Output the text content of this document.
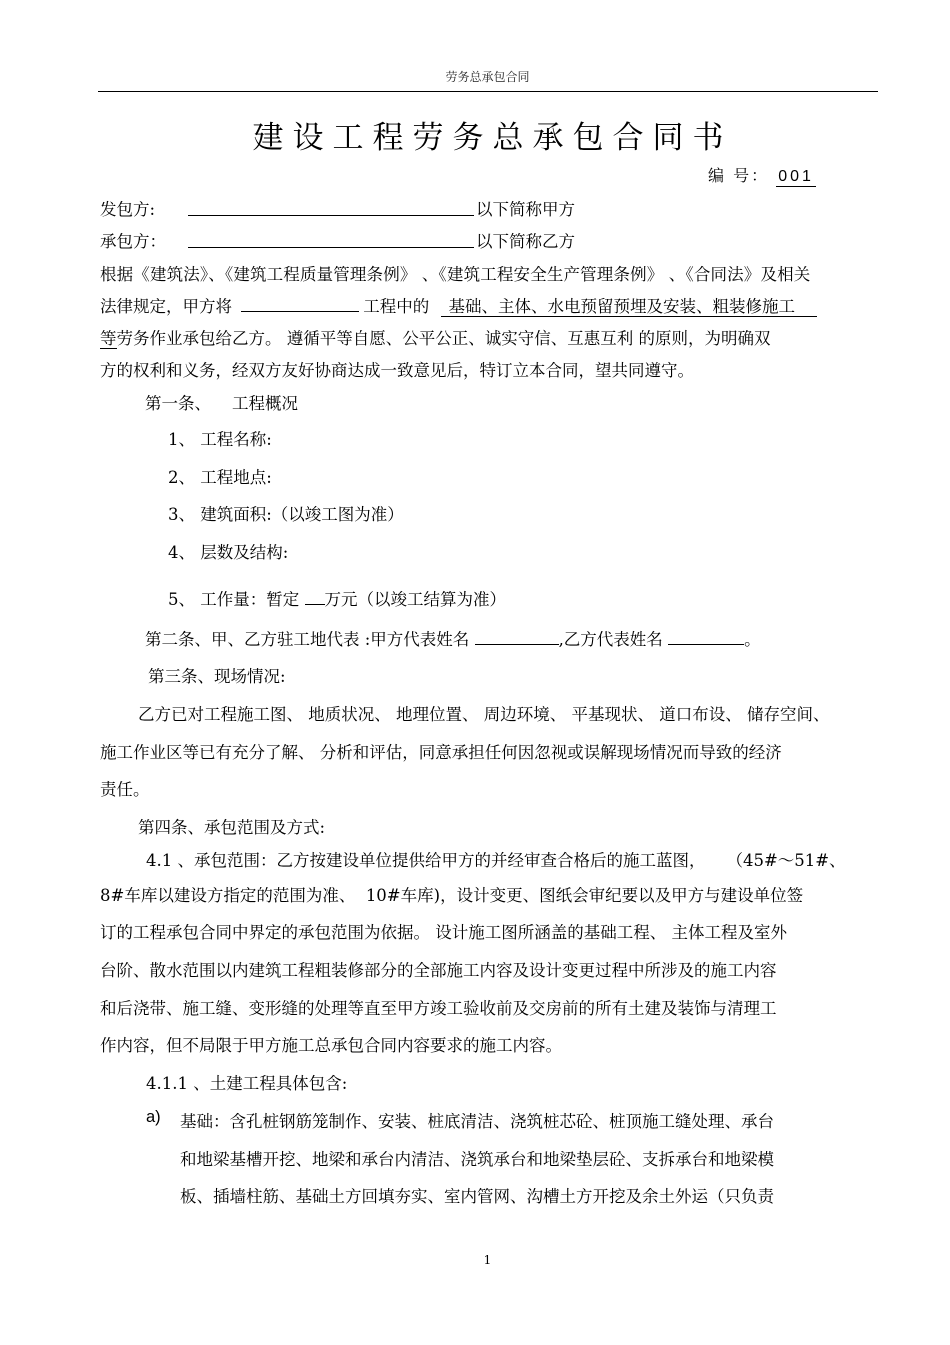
劳务总承包合同
建设工程劳务总承包合同书
编 号： 001
发包方:	以下简称甲方
承包方：	以下简称乙方
根据《建筑法》、《建筑工程质量管理条例》 、《建筑工程安全生产管理条例》 、《合同法》及相关
法律规定，甲方将	工程中的 基础、主体、水电预留预埋及安装、粗装修施工
等劳务作业承包给乙方。 遵循平等自愿、公平公正、诚实守信、互惠互利 的原则，为明确双
方的权利和义务，经双方友好协商达成一致意见后，特订立本合同，望共同遵守。
第一条、    工程概况
1、 工程名称:
2、 工程地点:
3、 建筑面积:（以竣工图为准）
4、 层数及结构:
5、 工作量：暂定 万元（以竣工结算为准）
第二条、甲、乙方驻工地代表 :甲方代表姓名	,乙方代表姓名	。
第三条、现场情况:
乙方已对工程施工图、 地质状况、 地理位置、 周边环境、 平基现状、 道口布设、 储存空间、
施工作业区等已有充分了解、 分析和评估，同意承担任何因忽视或误解现场情况而导致的经济
责任。
第四条、承包范围及方式:
4.1 、承包范围：乙方按建设单位提供给甲方的并经审查合格后的施工蓝图，    （45#～51#、
8#车库以建设方指定的范围为准、  10#车库)，设计变更、图纸会审纪要以及甲方与建设单位签
订的工程承包合同中界定的承包范围为依据。 设计施工图所涵盖的基础工程、 主体工程及室外
台阶、散水范围以内建筑工程粗装修部分的全部施工内容及设计变更过程中所涉及的施工内容
和后浇带、施工缝、变形缝的处理等直至甲方竣工验收前及交房前的所有土建及装饰与清理工
作内容，但不局限于甲方施工总承包合同内容要求的施工内容。
4.1.1 、土建工程具体包含:
a) 基础：含孔桩钢筋笼制作、安装、桩底清洁、浇筑桩芯砼、桩顶施工缝处理、承台
和地梁基槽开挖、地梁和承台内清洁、浇筑承台和地梁垫层砼、支拆承台和地梁模
板、插墙柱筋、基础土方回填夯实、室内管网、沟槽土方开挖及余土外运（只负责
1
